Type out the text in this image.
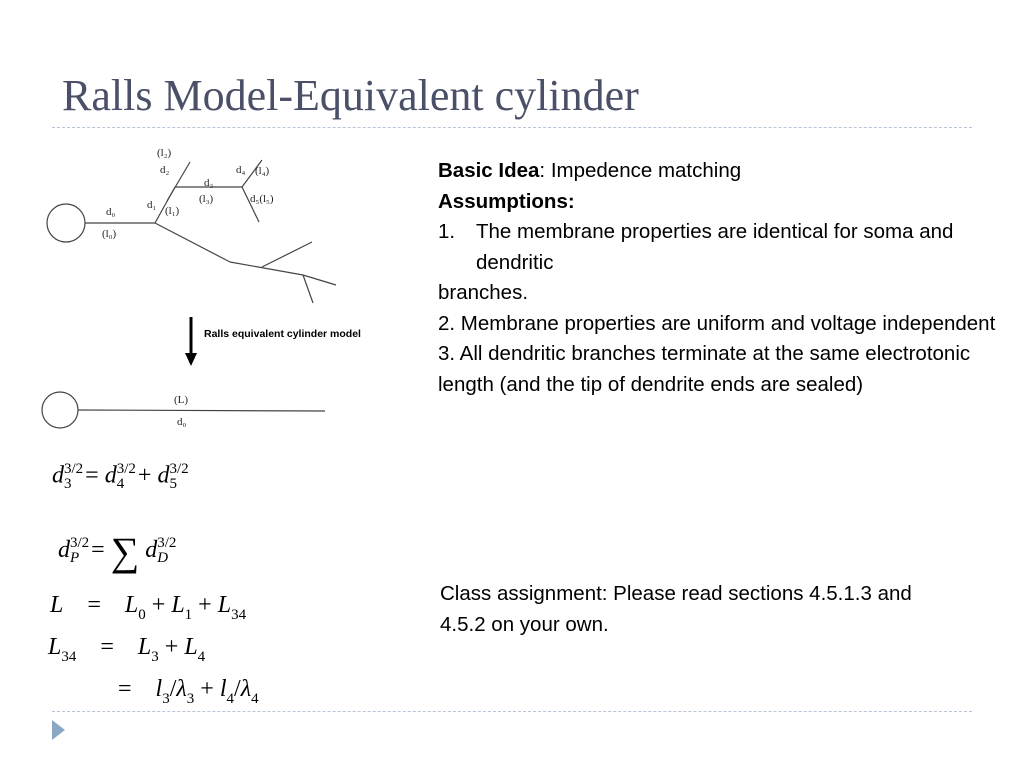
Ralls Model-Equivalent cylinder
(l₂)
d₂	d₄ (l₄)
d₃
(l₃)	d₅(l₅)
d₀
(l₀)
d₁ (l₁)
Ralls equivalent cylinder model
(L)
d₀
Basic Idea: Impedence matching
Assumptions:
1.	The membrane properties are identical for soma and dendritic
branches.
2. Membrane properties are uniform and voltage independent
3. All dendritic branches terminate at the same electrotonic length (and the tip of dendrite ends are sealed)
Class assignment: Please read sections 4.5.1.3 and 4.5.2 on your own.
d 3/2
3 = d 3/2
4 + d 3/2
5
d 3/2
P = ∑ d 3/2
D
L    =    $L_0 + L_1 + L_{34}$
$L_{34}$    =    $L_3 + L_4$
=    $l_3/\lambda_3 + l_4/\lambda_4$
